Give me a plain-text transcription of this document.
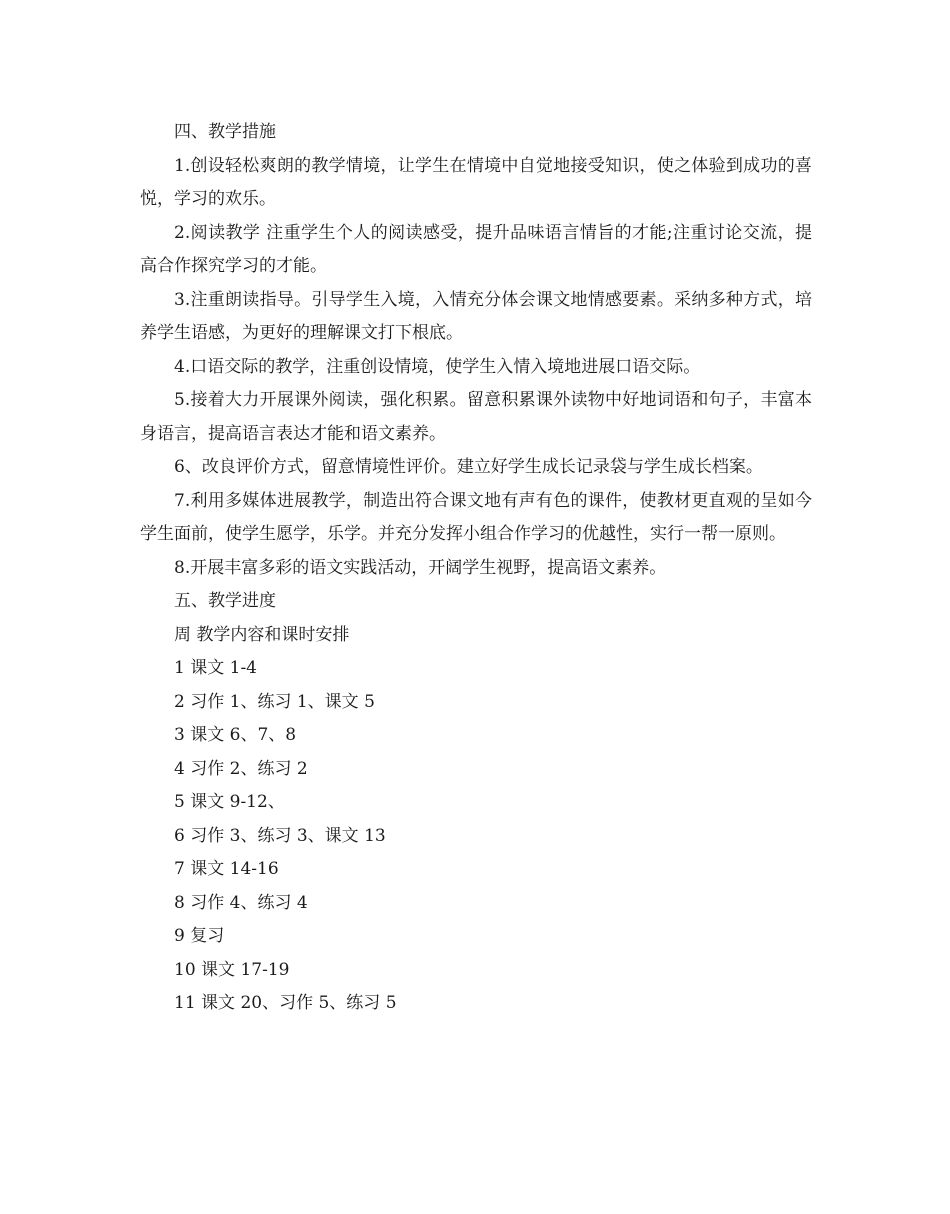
四、教学措施

1.创设轻松爽朗的教学情境，让学生在情境中自觉地接受知识，使之体验到成功的喜悦，学习的欢乐。

2.阅读教学 注重学生个人的阅读感受，提升品味语言情旨的才能;注重讨论交流，提高合作探究学习的才能。

3.注重朗读指导。引导学生入境，入情充分体会课文地情感要素。采纳多种方式，培养学生语感，为更好的理解课文打下根底。

4.口语交际的教学，注重创设情境，使学生入情入境地进展口语交际。

5.接着大力开展课外阅读，强化积累。留意积累课外读物中好地词语和句子，丰富本身语言，提高语言表达才能和语文素养。

6、改良评价方式，留意情境性评价。建立好学生成长记录袋与学生成长档案。

7.利用多媒体进展教学，制造出符合课文地有声有色的课件，使教材更直观的呈如今学生面前，使学生愿学，乐学。并充分发挥小组合作学习的优越性，实行一帮一原则。

8.开展丰富多彩的语文实践活动，开阔学生视野，提高语文素养。

五、教学进度

周 教学内容和课时安排

1 课文 1-4

2 习作 1、练习 1、课文 5

3 课文 6、7、8

4 习作 2、练习 2

5 课文 9-12、

6 习作 3、练习 3、课文 13

7 课文 14-16

8 习作 4、练习 4

9 复习

10 课文 17-19

11 课文 20、习作 5、练习 5
